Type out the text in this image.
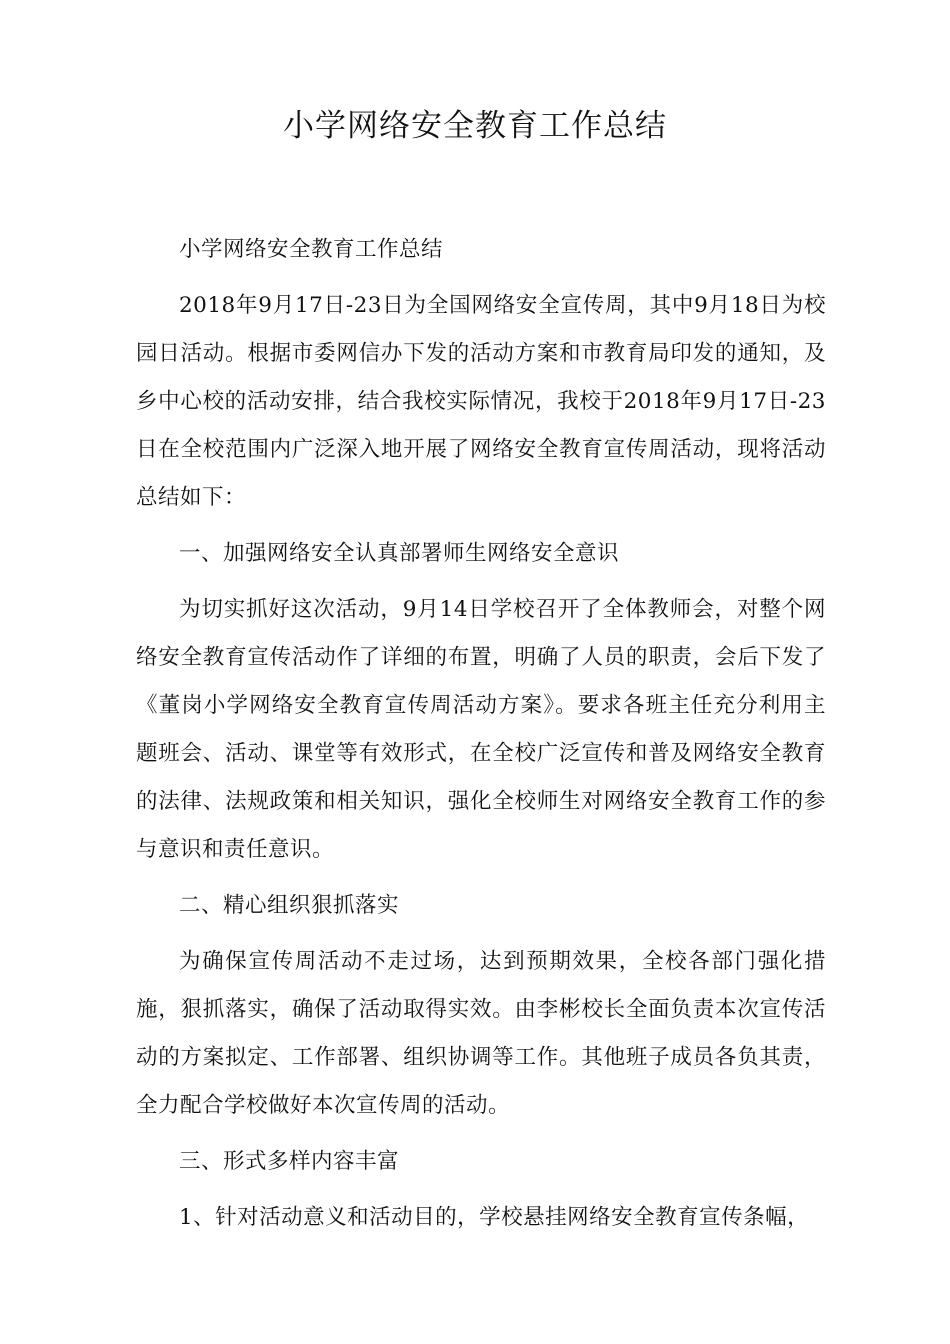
小学网络安全教育工作总结

小学网络安全教育工作总结

2018年9月17日-23日为全国网络安全宣传周，其中9月18日为校园日活动。根据市委网信办下发的活动方案和市教育局印发的通知，及乡中心校的活动安排，结合我校实际情况，我校于2018年9月17日-23日在全校范围内广泛深入地开展了网络安全教育宣传周活动，现将活动总结如下：

一、加强网络安全认真部署师生网络安全意识

为切实抓好这次活动，9月14日学校召开了全体教师会，对整个网络安全教育宣传活动作了详细的布置，明确了人员的职责，会后下发了《董岗小学网络安全教育宣传周活动方案》。要求各班主任充分利用主题班会、活动、课堂等有效形式，在全校广泛宣传和普及网络安全教育的法律、法规政策和相关知识，强化全校师生对网络安全教育工作的参与意识和责任意识。

二、精心组织狠抓落实

为确保宣传周活动不走过场，达到预期效果，全校各部门强化措施，狠抓落实，确保了活动取得实效。由李彬校长全面负责本次宣传活动的方案拟定、工作部署、组织协调等工作。其他班子成员各负其责，全力配合学校做好本次宣传周的活动。

三、形式多样内容丰富

1、针对活动意义和活动目的，学校悬挂网络安全教育宣传条幅，
